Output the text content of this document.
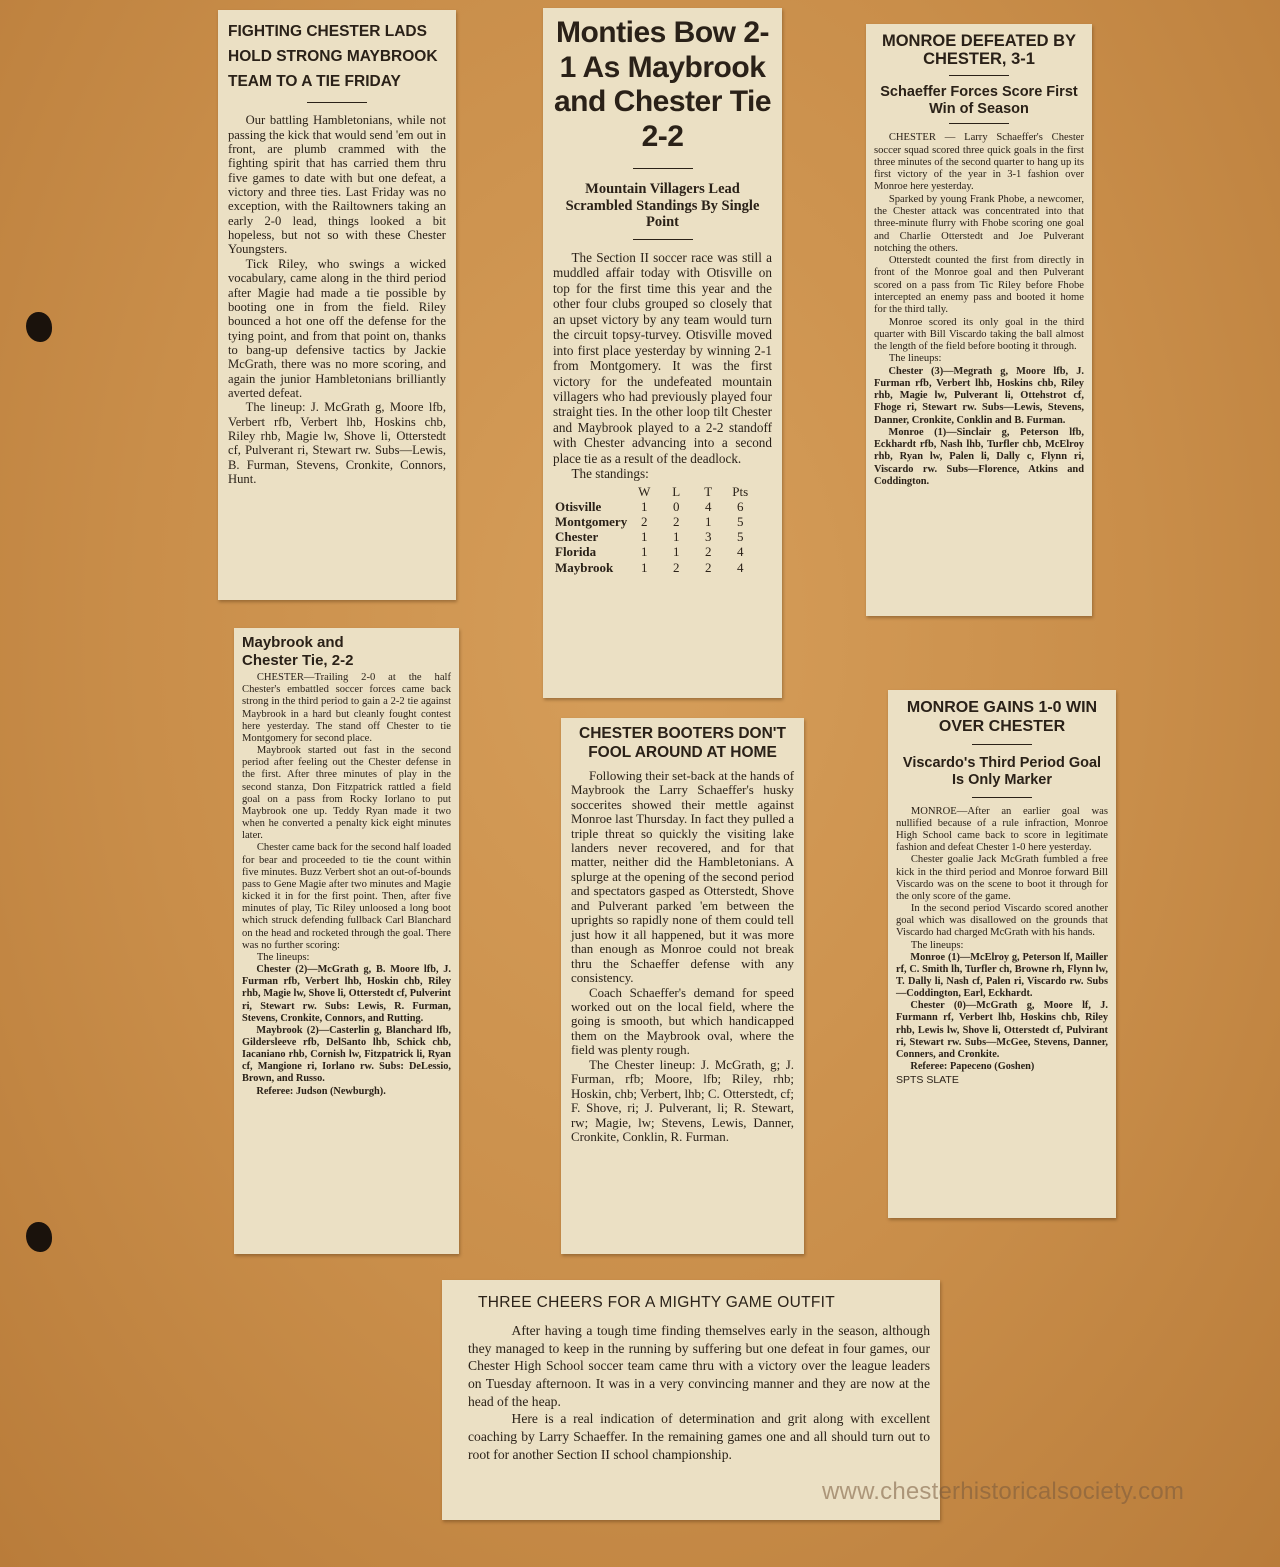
FIGHTING CHESTER LADS HOLD STRONG MAYBROOK TEAM TO A TIE FRIDAY

Our battling Hambletonians, while not passing the kick that would send 'em out in front, are plumb crammed with the fighting spirit that has carried them thru five games to date with but one defeat, a victory and three ties. Last Friday was no exception, with the Railtowners taking an early 2-0 lead, things looked a bit hopeless, but not so with these Chester Youngsters.

Tick Riley, who swings a wicked vocabulary, came along in the third period after Magie had made a tie possible by booting one in from the field. Riley bounced a hot one off the defense for the tying point, and from that point on, thanks to bang-up defensive tactics by Jackie McGrath, there was no more scoring, and again the junior Hambletonians brilliantly averted defeat.

The lineup: J. McGrath g, Moore lfb, Verbert rfb, Verbert lhb, Hoskins chb, Riley rhb, Magie lw, Shove li, Otterstedt cf, Pulverant ri, Stewart rw. Subs—Lewis, B. Furman, Stevens, Cronkite, Connors, Hunt.

Monties Bow 2-1 As Maybrook and Chester Tie 2-2
Mountain Villagers Lead Scrambled Standings By Single Point

The Section II soccer race was still a muddled affair today with Otisville on top for the first time this year and the other four clubs grouped so closely that an upset victory by any team would turn the circuit topsy-turvey. Otisville moved into first place yesterday by winning 2-1 from Montgomery. It was the first victory for the undefeated mountain villagers who had previously played four straight ties. In the other loop tilt Chester and Maybrook played to a 2-2 standoff with Chester advancing into a second place tie as a result of the deadlock.

The standings:

	W	L	T	Pts
Otisville	1	0	4	6
Montgomery	2	2	1	5
Chester	1	1	3	5
Florida	1	1	2	4
Maybrook	1	2	2	4
MONROE DEFEATED BY CHESTER, 3-1
Schaeffer Forces Score First Win of Season

CHESTER — Larry Schaeffer's Chester soccer squad scored three quick goals in the first three minutes of the second quarter to hang up its first victory of the year in 3-1 fashion over Monroe here yesterday.

Sparked by young Frank Phobe, a newcomer, the Chester attack was concentrated into that three-minute flurry with Fhobe scoring one goal and Charlie Otterstedt and Joe Pulverant notching the others.

Otterstedt counted the first from directly in front of the Monroe goal and then Pulverant scored on a pass from Tic Riley before Fhobe intercepted an enemy pass and booted it home for the third tally.

Monroe scored its only goal in the third quarter with Bill Viscardo taking the ball almost the length of the field before booting it through.

The lineups:

Chester (3)—Megrath g, Moore lfb, J. Furman rfb, Verbert lhb, Hoskins chb, Riley rhb, Magie lw, Pulverant li, Ottehstrot cf, Fhoge ri, Stewart rw. Subs—Lewis, Stevens, Danner, Cronkite, Conklin and B. Furman.

Monroe (1)—Sinclair g, Peterson lfb, Eckhardt rfb, Nash lhb, Turfler chb, McElroy rhb, Ryan lw, Palen li, Dally c, Flynn ri, Viscardo rw. Subs—Florence, Atkins and Coddington.

Maybrook and Chester Tie, 2-2

CHESTER—Trailing 2-0 at the half Chester's embattled soccer forces came back strong in the third period to gain a 2-2 tie against Maybrook in a hard but cleanly fought contest here yesterday. The stand off Chester to tie Montgomery for second place.

Maybrook started out fast in the second period after feeling out the Chester defense in the first. After three minutes of play in the second stanza, Don Fitzpatrick rattled a field goal on a pass from Rocky Iorlano to put Maybrook one up. Teddy Ryan made it two when he converted a penalty kick eight minutes later.

Chester came back for the second half loaded for bear and proceeded to tie the count within five minutes. Buzz Verbert shot an out-of-bounds pass to Gene Magie after two minutes and Magie kicked it in for the first point. Then, after five minutes of play, Tic Riley unloosed a long boot which struck defending fullback Carl Blanchard on the head and rocketed through the goal. There was no further scoring:

The lineups:

Chester (2)—McGrath g, B. Moore lfb, J. Furman rfb, Verbert lhb, Hoskin chb, Riley rhb, Magie lw, Shove li, Otterstedt cf, Pulverint ri, Stewart rw. Subs: Lewis, R. Furman, Stevens, Cronkite, Connors, and Rutting.

Maybrook (2)—Casterlin g, Blanchard lfb, Gildersleeve rfb, DelSanto lhb, Schick chb, Iacaniano rhb, Cornish lw, Fitzpatrick li, Ryan cf, Mangione ri, Iorlano rw. Subs: DeLessio, Brown, and Russo.

Referee: Judson (Newburgh).

CHESTER BOOTERS DON'T FOOL AROUND AT HOME

Following their set-back at the hands of Maybrook the Larry Schaeffer's husky soccerites showed their mettle against Monroe last Thursday. In fact they pulled a triple threat so quickly the visiting lake landers never recovered, and for that matter, neither did the Hambletonians. A splurge at the opening of the second period and spectators gasped as Otterstedt, Shove and Pulverant parked 'em between the uprights so rapidly none of them could tell just how it all happened, but it was more than enough as Monroe could not break thru the Schaeffer defense with any consistency.

Coach Schaeffer's demand for speed worked out on the local field, where the going is smooth, but which handicapped them on the Maybrook oval, where the field was plenty rough.

The Chester lineup: J. McGrath, g; J. Furman, rfb; Moore, lfb; Riley, rhb; Hoskin, chb; Verbert, lhb; C. Otterstedt, cf; F. Shove, ri; J. Pulverant, li; R. Stewart, rw; Magie, lw; Stevens, Lewis, Danner, Cronkite, Conklin, R. Furman.

MONROE GAINS 1-0 WIN OVER CHESTER
Viscardo's Third Period Goal Is Only Marker

MONROE—After an earlier goal was nullified because of a rule infraction, Monroe High School came back to score in legitimate fashion and defeat Chester 1-0 here yesterday.

Chester goalie Jack McGrath fumbled a free kick in the third period and Monroe forward Bill Viscardo was on the scene to boot it through for the only score of the game.

In the second period Viscardo scored another goal which was disallowed on the grounds that Viscardo had charged McGrath with his hands.

The lineups:

Monroe (1)—McElroy g, Peterson lf, Mailler rf, C. Smith lh, Turfler ch, Browne rh, Flynn lw, T. Dally li, Nash cf, Palen ri, Viscardo rw. Subs—Coddington, Earl, Eckhardt.

Chester (0)—McGrath g, Moore lf, J. Furmann rf, Verbert lhb, Hoskins chb, Riley rhb, Lewis lw, Shove li, Otterstedt cf, Pulvirant ri, Stewart rw. Subs—McGee, Stevens, Danner, Conners, and Cronkite.

Referee: Papeceno (Goshen)

SPTS SLATE
THREE CHEERS FOR A MIGHTY GAME OUTFIT

After having a tough time finding themselves early in the season, although they managed to keep in the running by suffering but one defeat in four games, our Chester High School soccer team came thru with a victory over the league leaders on Tuesday afternoon. It was in a very convincing manner and they are now at the head of the heap.

Here is a real indication of determination and grit along with excellent coaching by Larry Schaeffer. In the remaining games one and all should turn out to root for another Section II school championship.

www.chesterhistoricalsociety.com
